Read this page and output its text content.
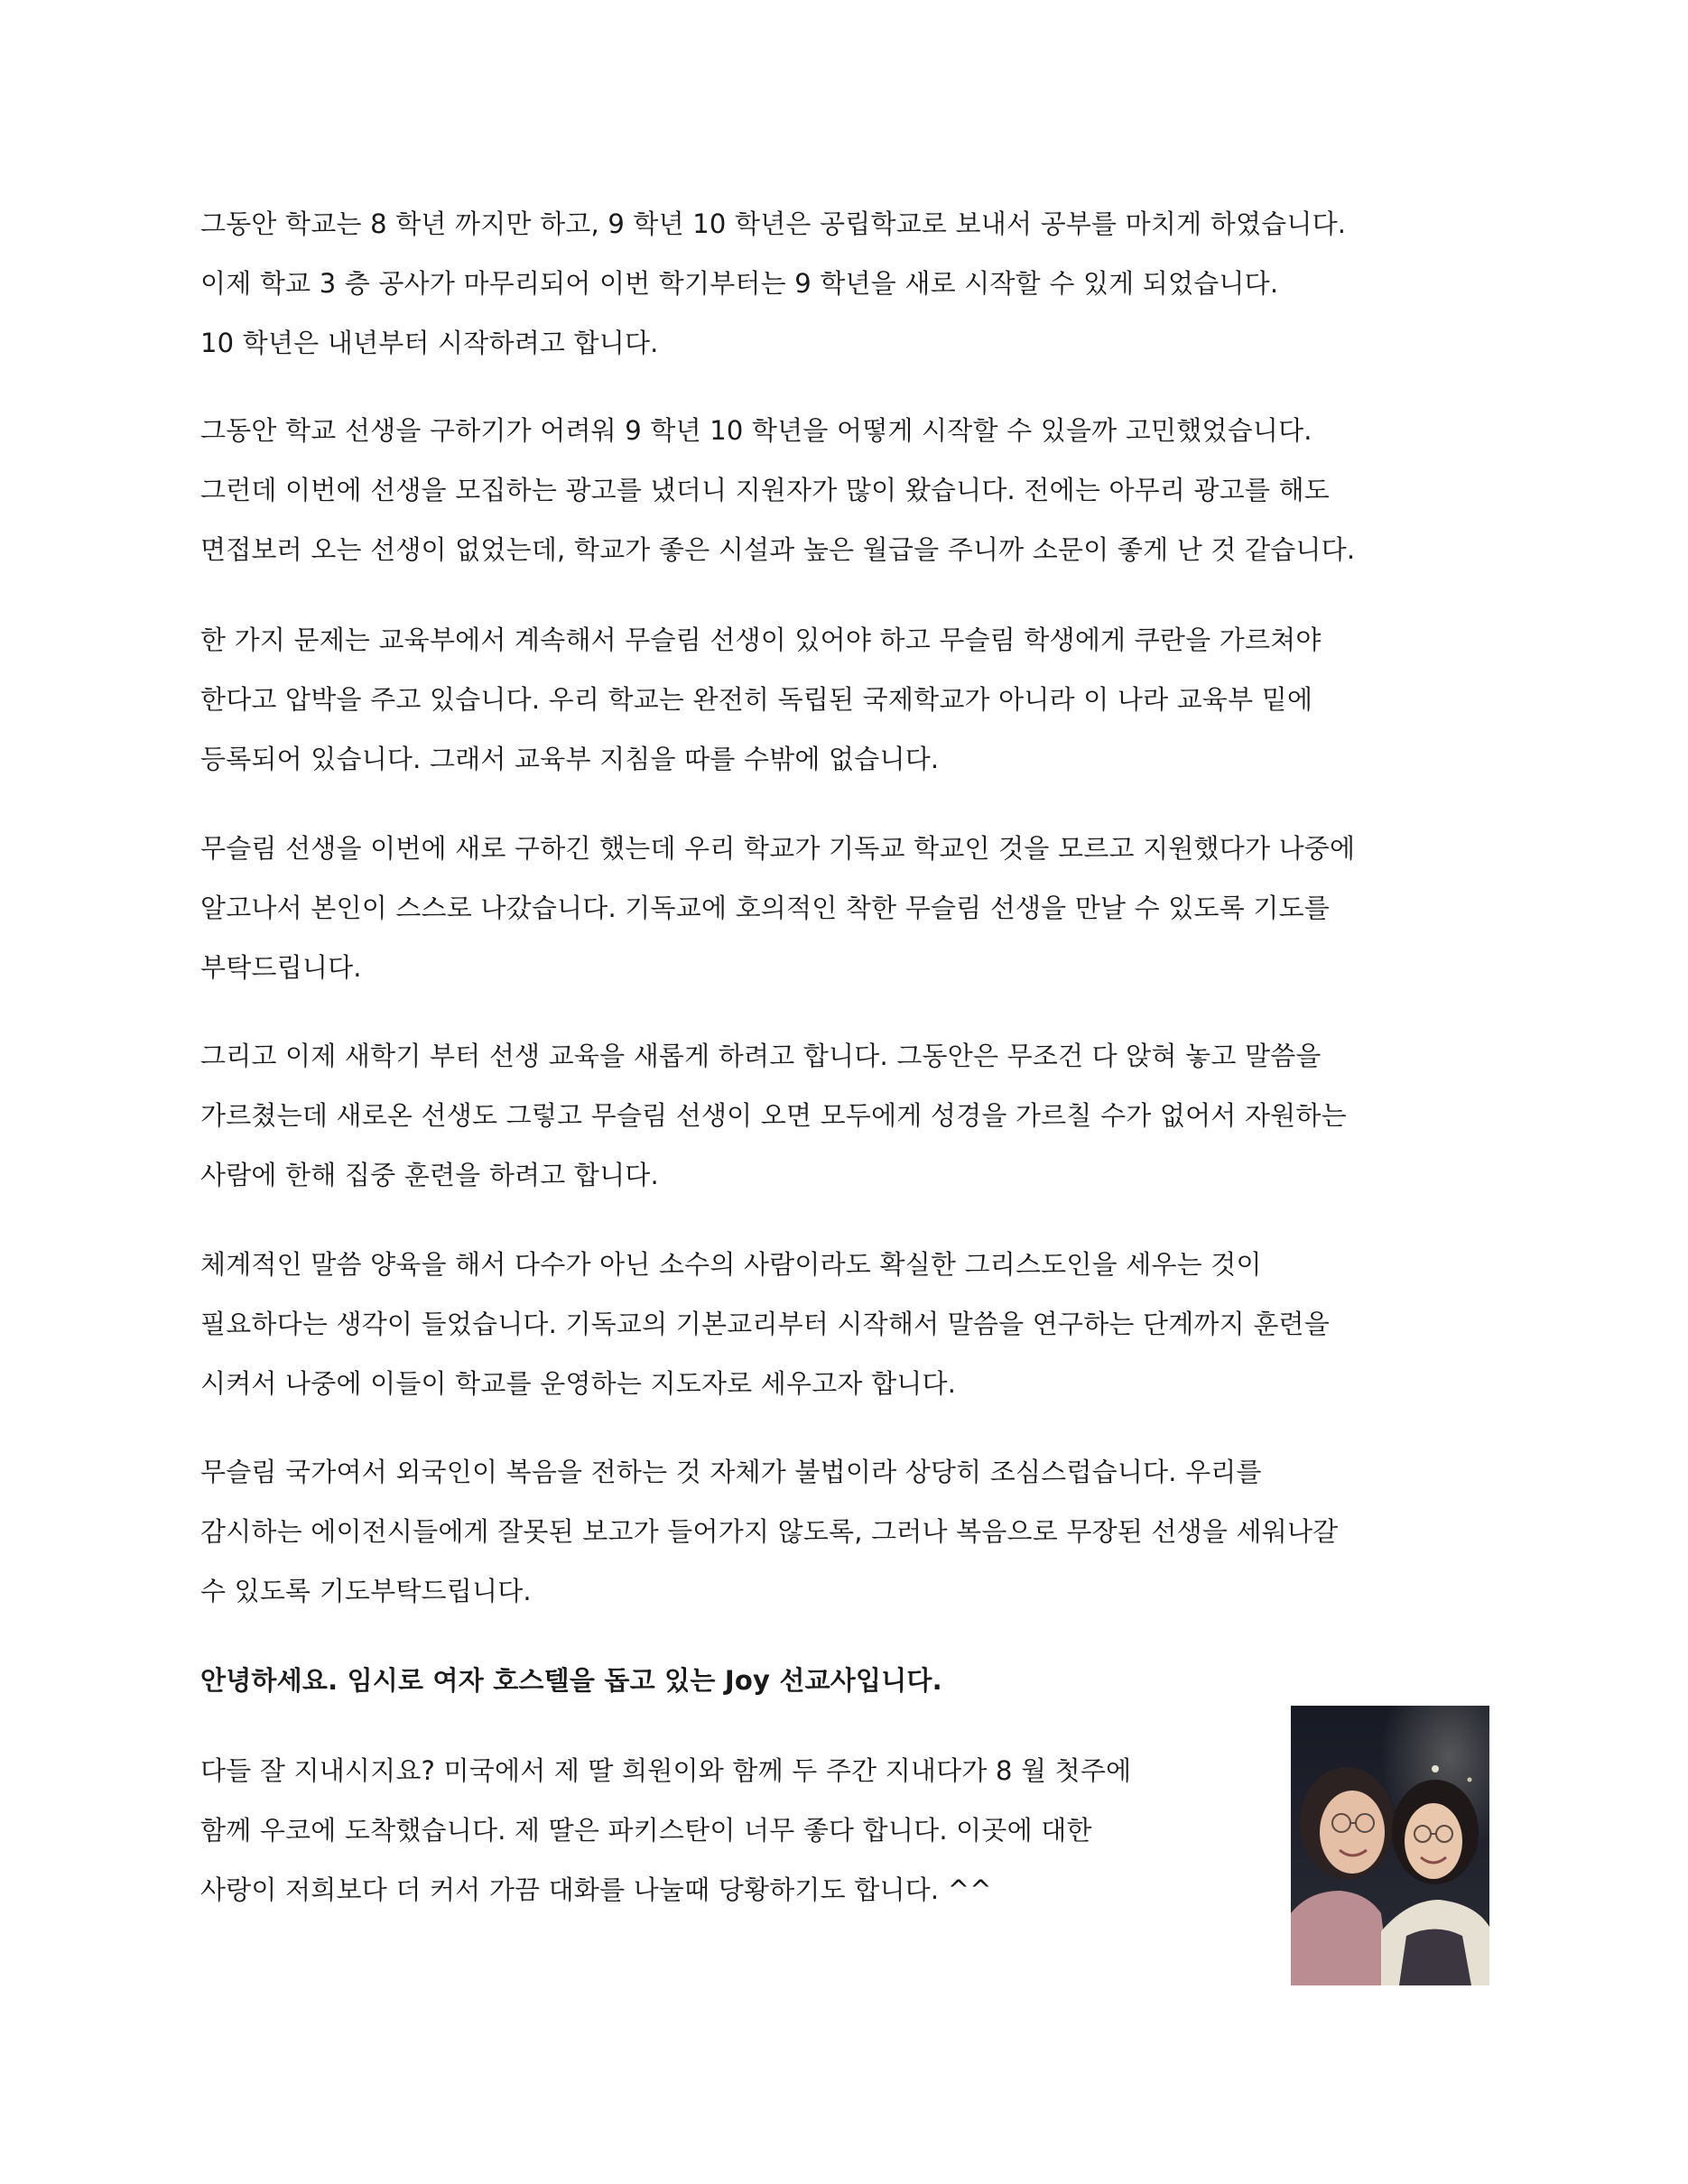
그동안 학교는 8 학년 까지만 하고, 9 학년 10 학년은 공립학교로 보내서 공부를 마치게 하였습니다.
이제 학교 3 층 공사가 마무리되어 이번 학기부터는 9 학년을 새로 시작할 수 있게 되었습니다.
10 학년은 내년부터 시작하려고 합니다.
그동안 학교 선생을 구하기가 어려워 9 학년 10 학년을 어떻게 시작할 수 있을까 고민했었습니다.
그런데 이번에 선생을 모집하는 광고를 냈더니 지원자가 많이 왔습니다. 전에는 아무리 광고를 해도
면접보러 오는 선생이 없었는데, 학교가 좋은 시설과 높은 월급을 주니까 소문이 좋게 난 것 같습니다.
한 가지 문제는 교육부에서 계속해서 무슬림 선생이 있어야 하고 무슬림 학생에게 쿠란을 가르쳐야
한다고 압박을 주고 있습니다. 우리 학교는 완전히 독립된 국제학교가 아니라 이 나라 교육부 밑에
등록되어 있습니다. 그래서 교육부 지침을 따를 수밖에 없습니다.
무슬림 선생을 이번에 새로 구하긴 했는데 우리 학교가 기독교 학교인 것을 모르고 지원했다가 나중에
알고나서 본인이 스스로 나갔습니다. 기독교에 호의적인 착한 무슬림 선생을 만날 수 있도록 기도를
부탁드립니다.
그리고 이제 새학기 부터 선생 교육을 새롭게 하려고 합니다. 그동안은 무조건 다 앉혀 놓고 말씀을
가르쳤는데 새로온 선생도 그렇고 무슬림 선생이 오면 모두에게 성경을 가르칠 수가 없어서 자원하는
사람에 한해 집중 훈련을 하려고 합니다.
체계적인 말씀 양육을 해서 다수가 아닌 소수의 사람이라도 확실한 그리스도인을 세우는 것이
필요하다는 생각이 들었습니다. 기독교의 기본교리부터 시작해서 말씀을 연구하는 단계까지 훈련을
시켜서 나중에 이들이 학교를 운영하는 지도자로 세우고자 합니다.
무슬림 국가여서 외국인이 복음을 전하는 것 자체가 불법이라 상당히 조심스럽습니다. 우리를
감시하는 에이전시들에게 잘못된 보고가 들어가지 않도록, 그러나 복음으로 무장된 선생을 세워나갈
수 있도록 기도부탁드립니다.
안녕하세요. 임시로 여자 호스텔을 돕고 있는 Joy 선교사입니다.
다들 잘 지내시지요? 미국에서 제 딸 희원이와 함께 두 주간 지내다가 8 월 첫주에
함께 우코에 도착했습니다. 제 딸은 파키스탄이 너무 좋다 합니다. 이곳에 대한
사랑이 저희보다 더 커서 가끔 대화를 나눌때 당황하기도 합니다. ^^
